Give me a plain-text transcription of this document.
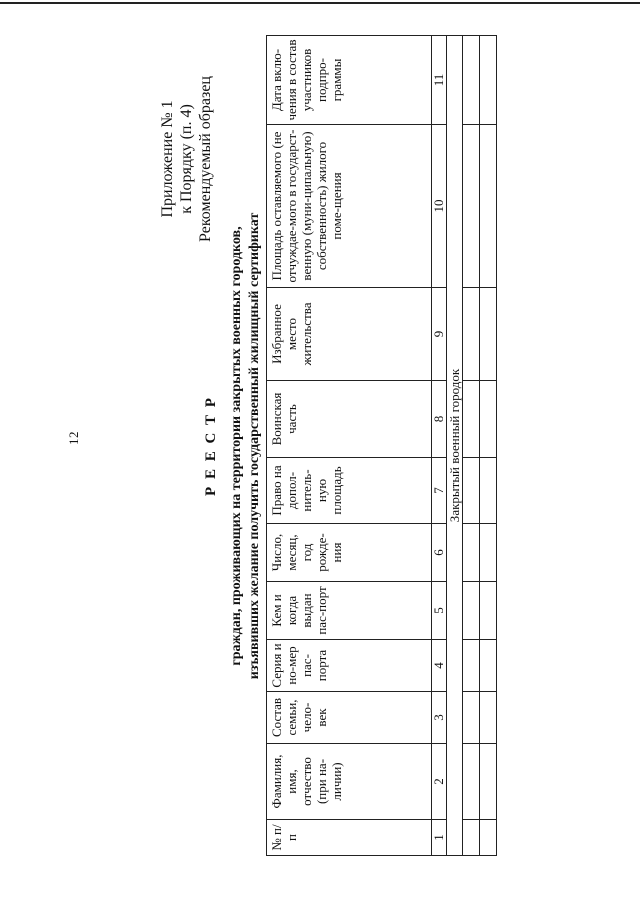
12
Приложение № 1 к Порядку (п. 4) Рекомендуемый образец
Р Е Е С Т Р граждан, проживающих на территории закрытых военных городков, изъявивших желание получить государственный жилищный сертификат
№ п/п	Фамилия, имя, отчество (при на-личии)	Состав семьи, чело-век	Серия и но-мер пас-порта	Кем и когда выдан пас-порт	Число, месяц, год рожде-ния	Право на допол-нитель-ную площадь	Воинская часть	Избранное место жительства	Площадь оставляемого (не отчуждае-мого в государст-венную (муни-ципальную) собственность) жилого поме-щения	Дата вклю-чения в состав участников подпро-граммы
1	2	3	4	5	6	7	8	9	10	11
Закрытый военный городок										
